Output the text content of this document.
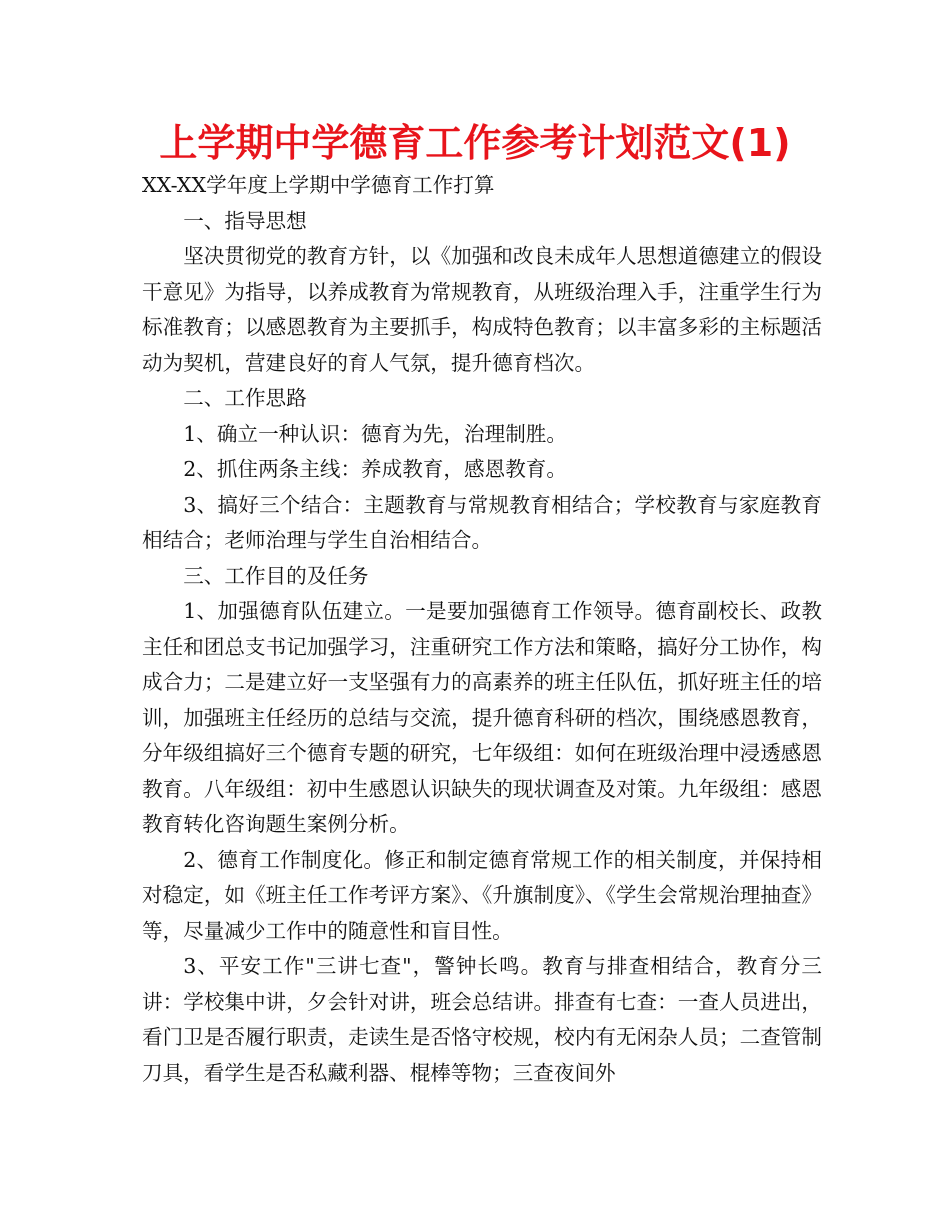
上学期中学德育工作参考计划范文(1)

XX-XX学年度上学期中学德育工作打算

一、指导思想

坚决贯彻党的教育方针，以《加强和改良未成年人思想道德建立的假设干意见》为指导，以养成教育为常规教育，从班级治理入手，注重学生行为标准教育；以感恩教育为主要抓手，构成特色教育；以丰富多彩的主标题活动为契机，营建良好的育人气氛，提升德育档次。

二、工作思路

1、确立一种认识：德育为先，治理制胜。

2、抓住两条主线：养成教育，感恩教育。

3、搞好三个结合：主题教育与常规教育相结合；学校教育与家庭教育相结合；老师治理与学生自治相结合。

三、工作目的及任务

1、加强德育队伍建立。一是要加强德育工作领导。德育副校长、政教主任和团总支书记加强学习，注重研究工作方法和策略，搞好分工协作，构成合力；二是建立好一支坚强有力的高素养的班主任队伍，抓好班主任的培训，加强班主任经历的总结与交流，提升德育科研的档次，围绕感恩教育，分年级组搞好三个德育专题的研究，七年级组：如何在班级治理中浸透感恩教育。八年级组：初中生感恩认识缺失的现状调查及对策。九年级组：感恩教育转化咨询题生案例分析。

2、德育工作制度化。修正和制定德育常规工作的相关制度，并保持相对稳定，如《班主任工作考评方案》、《升旗制度》、《学生会常规治理抽查》等，尽量减少工作中的随意性和盲目性。

3、平安工作"三讲七查"，警钟长鸣。教育与排查相结合，教育分三讲：学校集中讲，夕会针对讲，班会总结讲。排查有七查：一查人员进出，看门卫是否履行职责，走读生是否恪守校规，校内有无闲杂人员；二查管制刀具，看学生是否私藏利器、棍棒等物；三查夜间外
